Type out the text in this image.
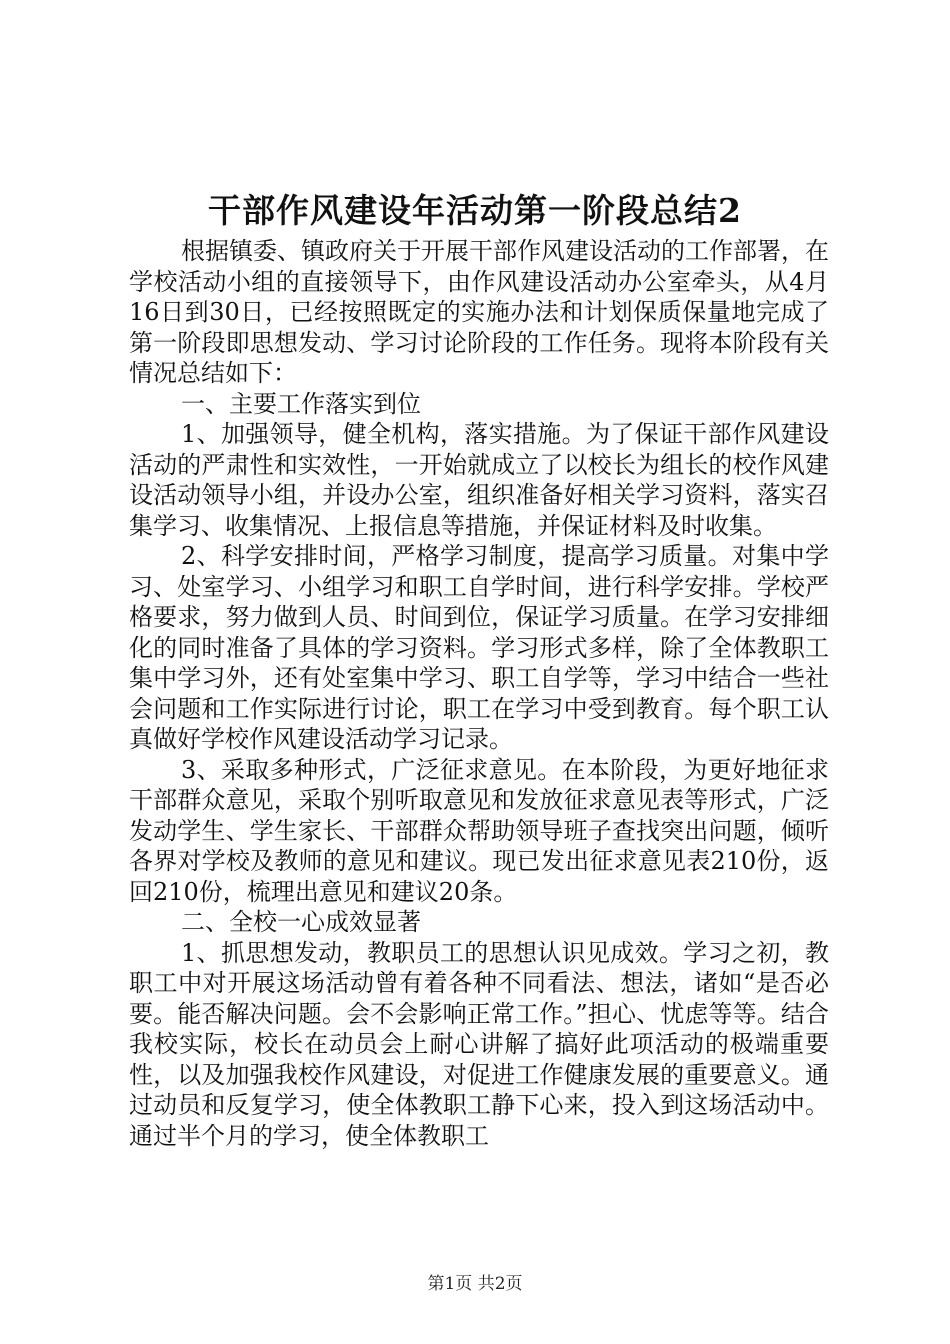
干部作风建设年活动第一阶段总结2

根据镇委、镇政府关于开展干部作风建设活动的工作部署，在学校活动小组的直接领导下，由作风建设活动办公室牵头，从4月16日到30日，已经按照既定的实施办法和计划保质保量地完成了第一阶段即思想发动、学习讨论阶段的工作任务。现将本阶段有关情况总结如下：

一、主要工作落实到位

1、加强领导，健全机构，落实措施。为了保证干部作风建设活动的严肃性和实效性，一开始就成立了以校长为组长的校作风建设活动领导小组，并设办公室，组织准备好相关学习资料，落实召集学习、收集情况、上报信息等措施，并保证材料及时收集。

2、科学安排时间，严格学习制度，提高学习质量。对集中学习、处室学习、小组学习和职工自学时间，进行科学安排。学校严格要求，努力做到人员、时间到位，保证学习质量。在学习安排细化的同时准备了具体的学习资料。学习形式多样，除了全体教职工集中学习外，还有处室集中学习、职工自学等，学习中结合一些社会问题和工作实际进行讨论，职工在学习中受到教育。每个职工认真做好学校作风建设活动学习记录。

3、采取多种形式，广泛征求意见。在本阶段，为更好地征求干部群众意见，采取个别听取意见和发放征求意见表等形式，广泛发动学生、学生家长、干部群众帮助领导班子查找突出问题，倾听各界对学校及教师的意见和建议。现已发出征求意见表210份，返回210份，梳理出意见和建议20条。

二、全校一心成效显著

1、抓思想发动，教职员工的思想认识见成效。学习之初，教职工中对开展这场活动曾有着各种不同看法、想法，诸如“是否必要。能否解决问题。会不会影响正常工作。”担心、忧虑等等。结合我校实际，校长在动员会上耐心讲解了搞好此项活动的极端重要性，以及加强我校作风建设，对促进工作健康发展的重要意义。通过动员和反复学习，使全体教职工静下心来，投入到这场活动中。通过半个月的学习，使全体教职工

第1页 共2页
